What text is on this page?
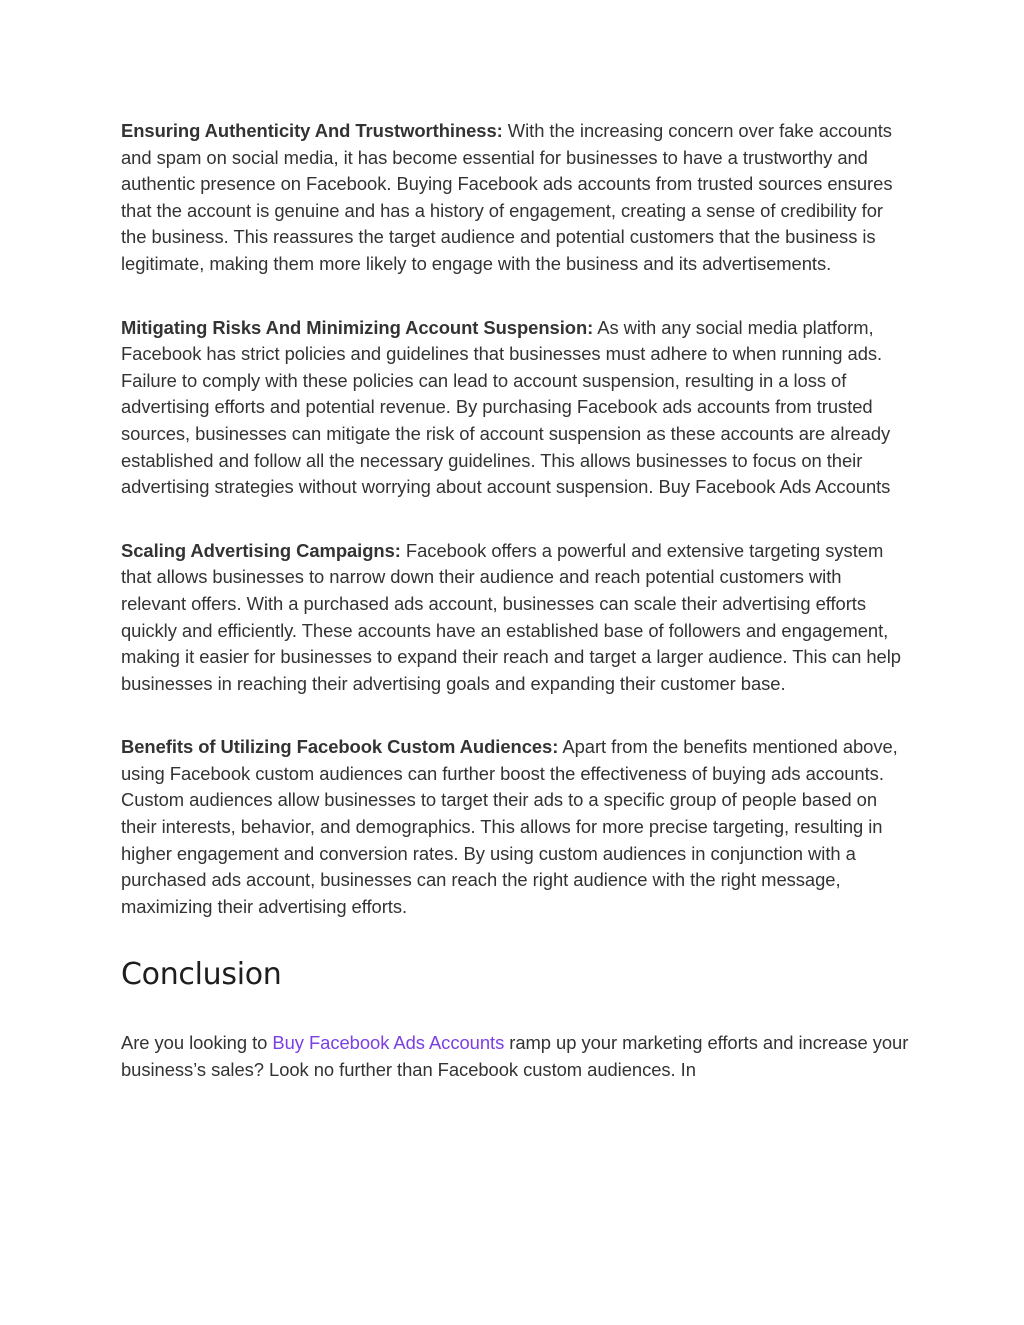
Ensuring Authenticity And Trustworthiness: With the increasing concern over fake accounts and spam on social media, it has become essential for businesses to have a trustworthy and authentic presence on Facebook. Buying Facebook ads accounts from trusted sources ensures that the account is genuine and has a history of engagement, creating a sense of credibility for the business. This reassures the target audience and potential customers that the business is legitimate, making them more likely to engage with the business and its advertisements.

Mitigating Risks And Minimizing Account Suspension: As with any social media platform, Facebook has strict policies and guidelines that businesses must adhere to when running ads. Failure to comply with these policies can lead to account suspension, resulting in a loss of advertising efforts and potential revenue. By purchasing Facebook ads accounts from trusted sources, businesses can mitigate the risk of account suspension as these accounts are already established and follow all the necessary guidelines. This allows businesses to focus on their advertising strategies without worrying about account suspension. Buy Facebook Ads Accounts

Scaling Advertising Campaigns: Facebook offers a powerful and extensive targeting system that allows businesses to narrow down their audience and reach potential customers with relevant offers. With a purchased ads account, businesses can scale their advertising efforts quickly and efficiently. These accounts have an established base of followers and engagement, making it easier for businesses to expand their reach and target a larger audience. This can help businesses in reaching their advertising goals and expanding their customer base.

Benefits of Utilizing Facebook Custom Audiences: Apart from the benefits mentioned above, using Facebook custom audiences can further boost the effectiveness of buying ads accounts. Custom audiences allow businesses to target their ads to a specific group of people based on their interests, behavior, and demographics. This allows for more precise targeting, resulting in higher engagement and conversion rates. By using custom audiences in conjunction with a purchased ads account, businesses can reach the right audience with the right message, maximizing their advertising efforts.

Conclusion

Are you looking to Buy Facebook Ads Accounts ramp up your marketing efforts and increase your business’s sales? Look no further than Facebook custom audiences. In
